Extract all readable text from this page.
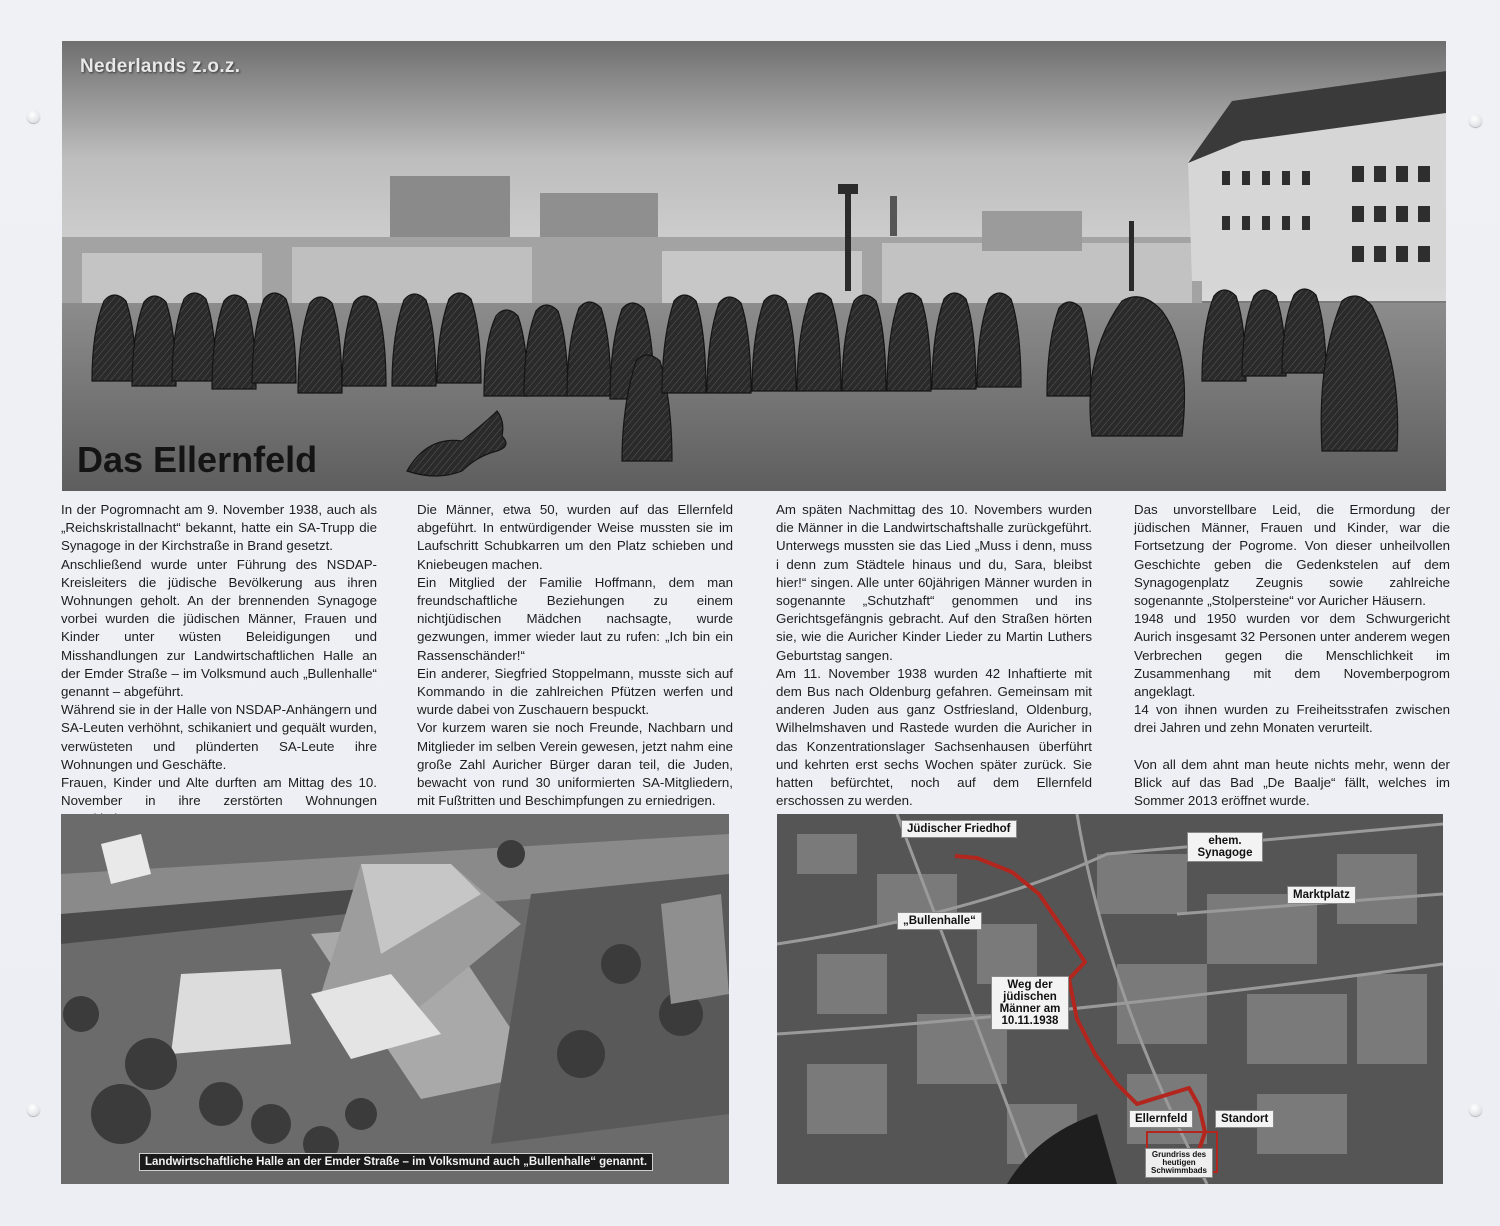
Nederlands z.o.z.
Das Ellernfeld

In der Pogromnacht am 9. November 1938, auch als „Reichskristallnacht“ bekannt, hatte ein SA-Trupp die Synagoge in der Kirchstraße in Brand gesetzt.

Anschließend wurde unter Führung des NSDAP-Kreisleiters die jüdische Bevölkerung aus ihren Wohnungen geholt. An der brennenden Synagoge vorbei wurden die jüdischen Männer, Frauen und Kinder unter wüsten Beleidigungen und Misshandlungen zur Landwirtschaftlichen Halle an der Emder Straße – im Volksmund auch „Bullenhalle“ genannt – abgeführt.

Während sie in der Halle von NSDAP-Anhängern und SA-Leuten verhöhnt, schikaniert und gequält wurden, verwüsteten und plünderten SA-Leute ihre Wohnungen und Geschäfte.

Frauen, Kinder und Alte durften am Mittag des 10. November in ihre zerstörten Wohnungen

Die Männer, etwa 50, wurden auf das Ellernfeld abgeführt. In entwürdigender Weise mussten sie im Laufschritt Schubkarren um den Platz schieben und Kniebeugen machen.

Ein Mitglied der Familie Hoffmann, dem man freundschaftliche Beziehungen zu einem nichtjüdischen Mädchen nachsagte, wurde gezwungen, immer wieder laut zu rufen: „Ich bin ein Rassenschänder!“

Ein anderer, Siegfried Stoppelmann, musste sich auf Kommando in die zahlreichen Pfützen werfen und wurde dabei von Zuschauern bespuckt.

Vor kurzem waren sie noch Freunde, Nachbarn und Mitglieder im selben Verein gewesen, jetzt nahm eine große Zahl Auricher Bürger daran teil, die Juden, bewacht von rund 30 uniformierten SA-Mitgliedern, mit Fußtritten und Beschimpfungen zu erniedrigen.

Am späten Nachmittag des 10. Novembers wurden die Männer in die Landwirtschaftshalle zurückgeführt. Unterwegs mussten sie das Lied „Muss i denn, muss i denn zum Städtele hinaus und du, Sara, bleibst hier!“ singen. Alle unter 60jährigen Männer wurden in sogenannte „Schutzhaft“ genommen und ins Gerichtsgefängnis gebracht. Auf den Straßen hörten sie, wie die Auricher Kinder Lieder zu Martin Luthers Geburtstag sangen.

Am 11. November 1938 wurden 42 Inhaftierte mit dem Bus nach Oldenburg gefahren. Gemeinsam mit anderen Juden aus ganz Ostfriesland, Oldenburg, Wilhelmshaven und Rastede wurden die Auricher in das Konzentrationslager Sachsenhausen überführt und kehrten erst sechs Wochen später zurück. Sie hatten befürchtet, noch auf dem Ellernfeld erschossen zu werden.

Das unvorstellbare Leid, die Ermordung der jüdischen Männer, Frauen und Kinder, war die Fortsetzung der Pogrome. Von dieser unheilvollen Geschichte geben die Gedenkstelen auf dem Synagogenplatz Zeugnis sowie zahlreiche sogenannte „Stolpersteine“ vor Auricher Häusern.

1948 und 1950 wurden vor dem Schwurgericht Aurich insgesamt 32 Personen unter anderem wegen Verbrechen gegen die Menschlichkeit im Zusammenhang mit dem Novemberpogrom angeklagt.

14 von ihnen wurden zu Freiheitsstrafen zwischen drei Jahren und zehn Monaten verurteilt.

Von all dem ahnt man heute nichts mehr, wenn der Blick auf das Bad „De Baalje“ fällt, welches im Sommer 2013 eröffnet wurde.

Landwirtschaftliche Halle an der Emder Straße – im Volksmund auch „Bullenhalle“ genannt.
Jüdischer Friedhof
ehem. Synagoge
Marktplatz
„Bullenhalle“
Weg der jüdischen Männer am 10.11.1938
Ellernfeld	Standort
Grundriss des heutigen Schwimmbads
